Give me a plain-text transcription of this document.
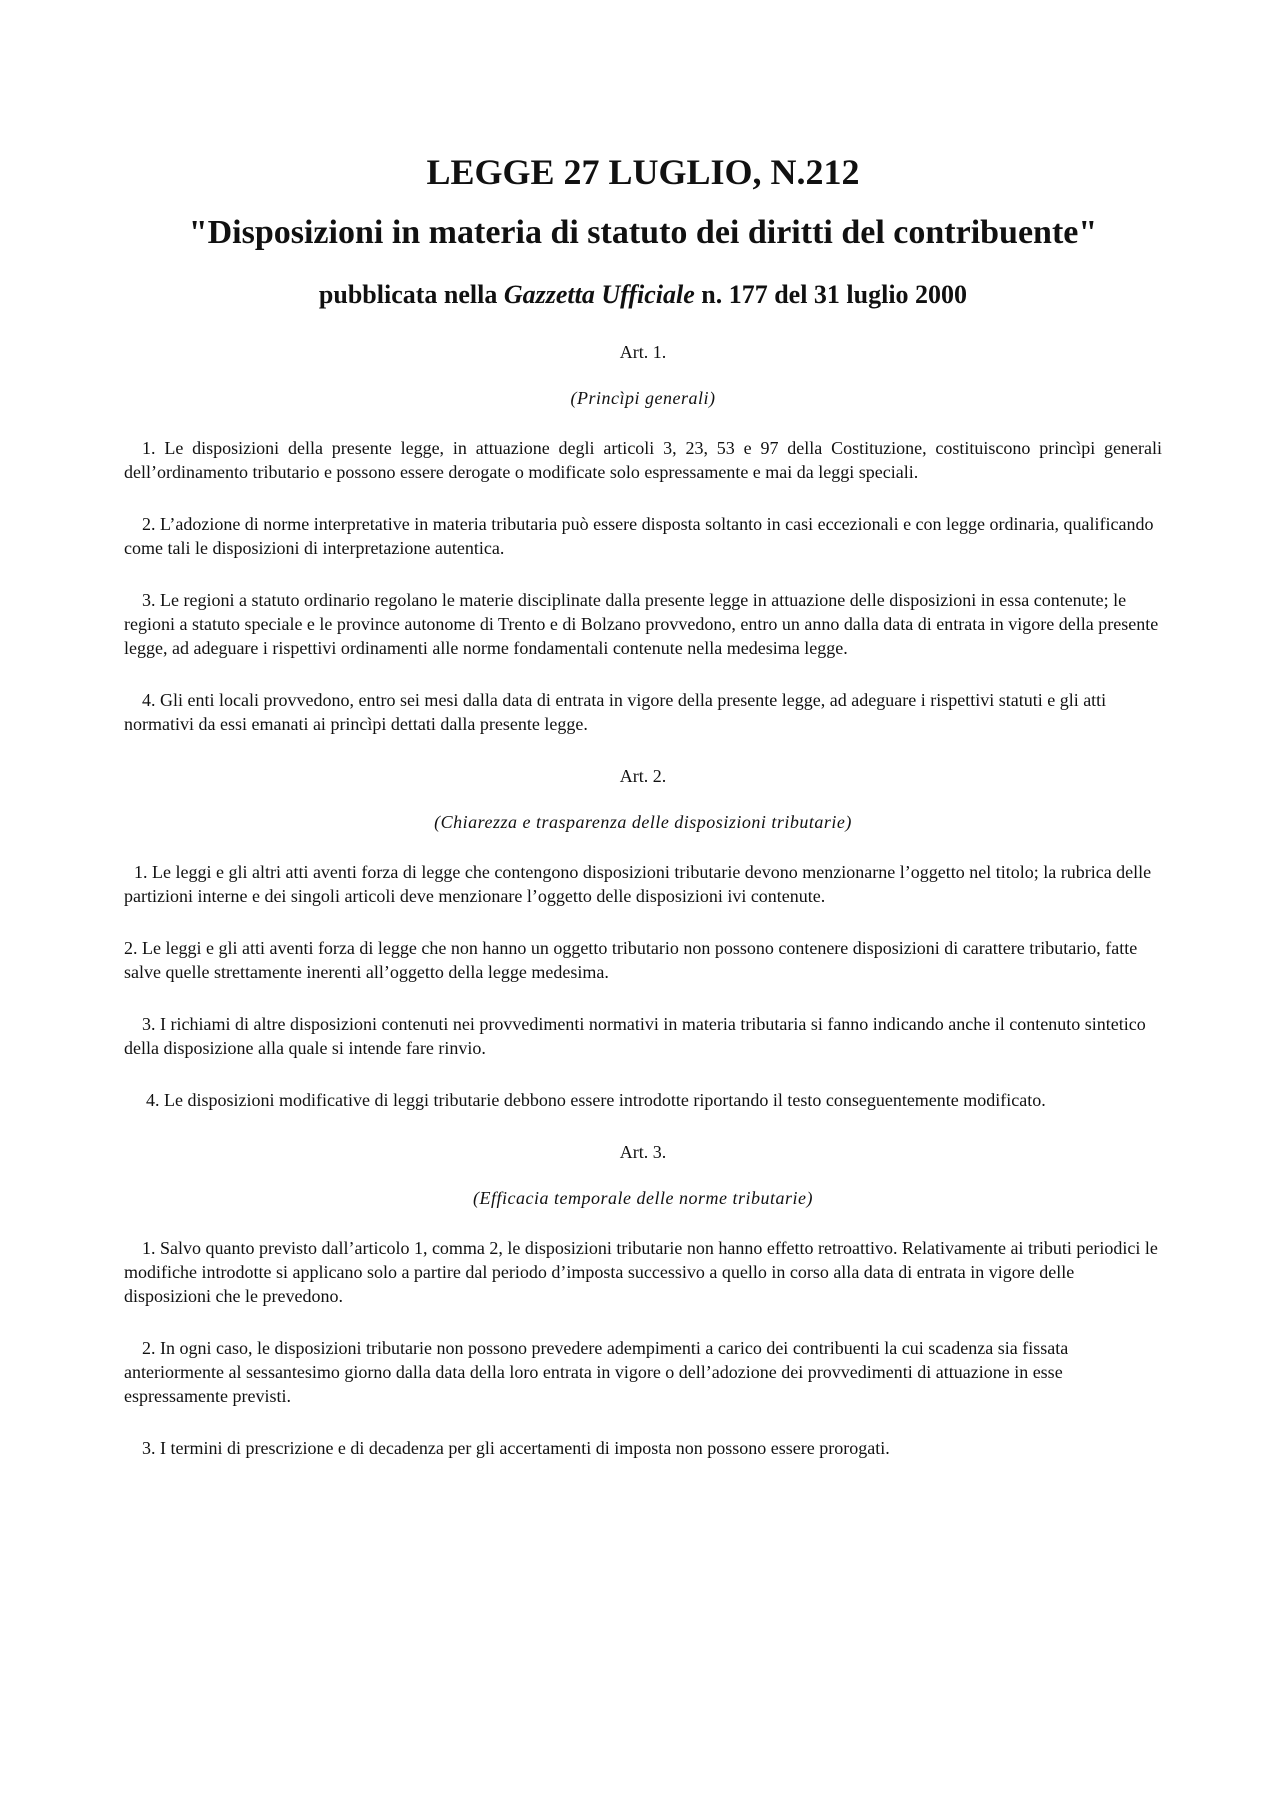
LEGGE 27 LUGLIO, N.212
"Disposizioni in materia di statuto dei diritti del contribuente"
pubblicata nella Gazzetta Ufficiale n. 177 del 31 luglio 2000
Art. 1.
(Princìpi generali)

1. Le disposizioni della presente legge, in attuazione degli articoli 3, 23, 53 e 97 della Costituzione, costituiscono princìpi generali dell’ordinamento tributario e possono essere derogate o modificate solo espressamente e mai da leggi speciali.

2. L’adozione di norme interpretative in materia tributaria può essere disposta soltanto in casi eccezionali e con legge ordinaria, qualificando come tali le disposizioni di interpretazione autentica.

3. Le regioni a statuto ordinario regolano le materie disciplinate dalla presente legge in attuazione delle disposizioni in essa contenute; le regioni a statuto speciale e le province autonome di Trento e di Bolzano provvedono, entro un anno dalla data di entrata in vigore della presente legge, ad adeguare i rispettivi ordinamenti alle norme fondamentali contenute nella medesima legge.

4. Gli enti locali provvedono, entro sei mesi dalla data di entrata in vigore della presente legge, ad adeguare i rispettivi statuti e gli atti normativi da essi emanati ai princìpi dettati dalla presente legge.

Art. 2.
(Chiarezza e trasparenza delle disposizioni tributarie)

1. Le leggi e gli altri atti aventi forza di legge che contengono disposizioni tributarie devono menzionarne l’oggetto nel titolo; la rubrica delle partizioni interne e dei singoli articoli deve menzionare l’oggetto delle disposizioni ivi contenute.

2. Le leggi e gli atti aventi forza di legge che non hanno un oggetto tributario non possono contenere disposizioni di carattere tributario, fatte salve quelle strettamente inerenti all’oggetto della legge medesima.

3. I richiami di altre disposizioni contenuti nei provvedimenti normativi in materia tributaria si fanno indicando anche il contenuto sintetico della disposizione alla quale si intende fare rinvio.

4. Le disposizioni modificative di leggi tributarie debbono essere introdotte riportando il testo conseguentemente modificato.

Art. 3.
(Efficacia temporale delle norme tributarie)

1. Salvo quanto previsto dall’articolo 1, comma 2, le disposizioni tributarie non hanno effetto retroattivo. Relativamente ai tributi periodici le modifiche introdotte si applicano solo a partire dal periodo d’imposta successivo a quello in corso alla data di entrata in vigore delle disposizioni che le prevedono.

2. In ogni caso, le disposizioni tributarie non possono prevedere adempimenti a carico dei contribuenti la cui scadenza sia fissata anteriormente al sessantesimo giorno dalla data della loro entrata in vigore o dell’adozione dei provvedimenti di attuazione in esse espressamente previsti.

3. I termini di prescrizione e di decadenza per gli accertamenti di imposta non possono essere prorogati.
